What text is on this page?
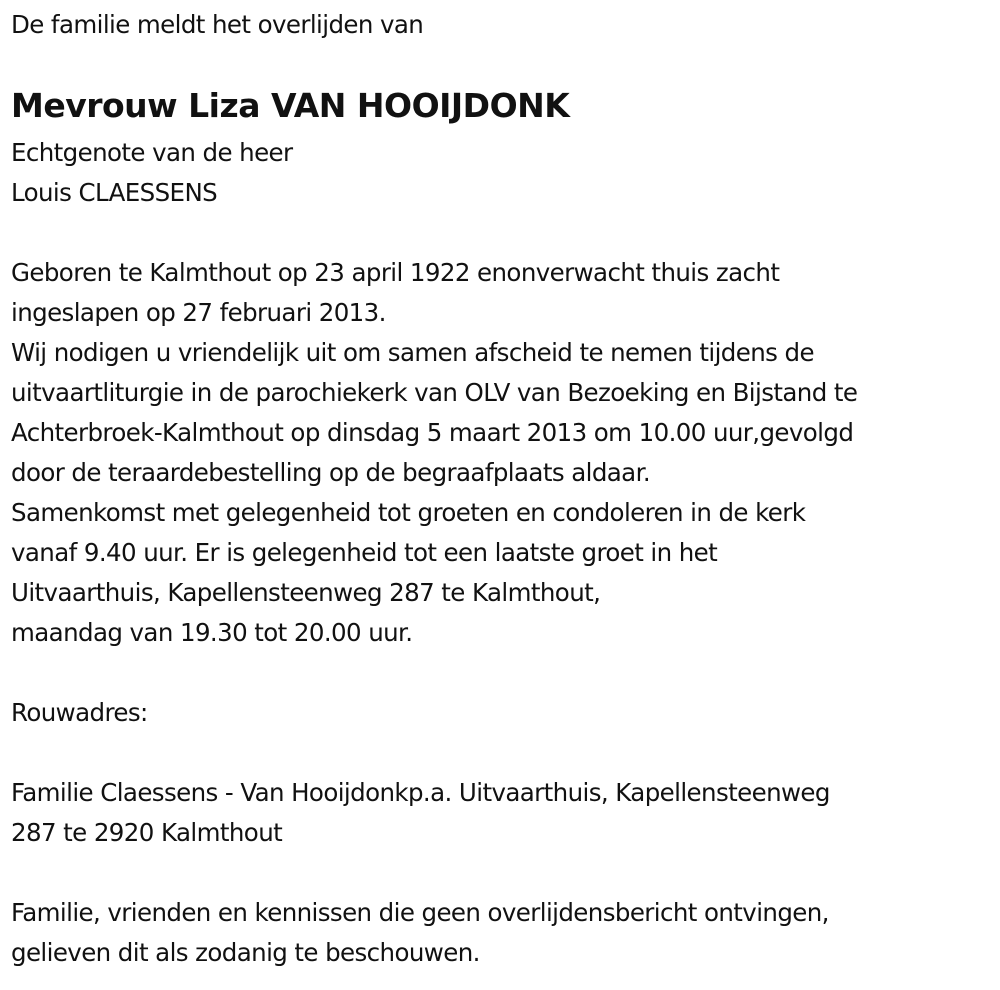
De familie meldt het overlijden van
Mevrouw Liza VAN HOOIJDONK
Echtgenote van de heer
Louis CLAESSENS
Geboren te Kalmthout op 23 april 1922 enonverwacht thuis zacht
ingeslapen op 27 februari 2013.
Wij nodigen u vriendelijk uit om samen afscheid te nemen tijdens de
uitvaartliturgie in de parochiekerk van OLV van Bezoeking en Bijstand te
Achterbroek-Kalmthout op dinsdag 5 maart 2013 om 10.00 uur,gevolgd
door de teraardebestelling op de begraafplaats aldaar.
Samenkomst met gelegenheid tot groeten en condoleren in de kerk
vanaf 9.40 uur. Er is gelegenheid tot een laatste groet in het
Uitvaarthuis, Kapellensteenweg 287 te Kalmthout,
maandag van 19.30 tot 20.00 uur.
Rouwadres:
Familie Claessens - Van Hooijdonkp.a. Uitvaarthuis, Kapellensteenweg
287 te 2920 Kalmthout
Familie, vrienden en kennissen die geen overlijdensbericht ontvingen,
gelieven dit als zodanig te beschouwen.
